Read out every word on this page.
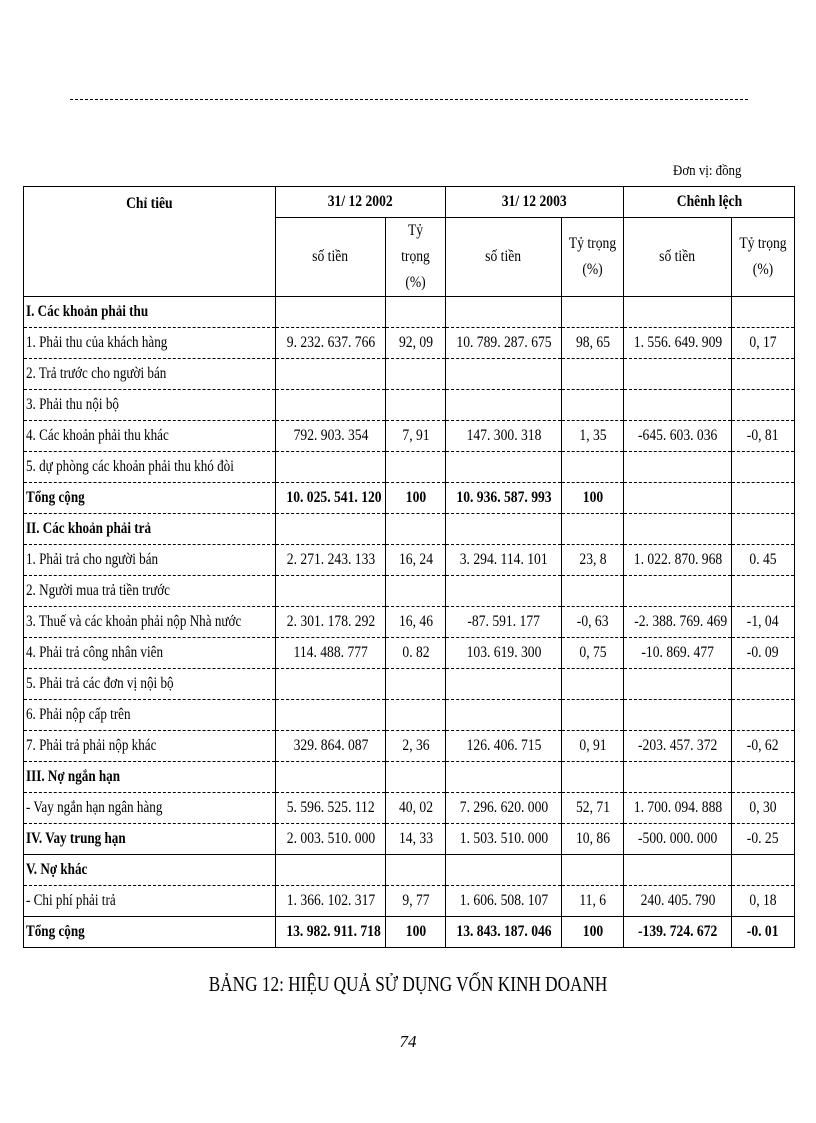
Đơn vị: đồng
Chỉ tiêu	31/ 12 2002		31/ 12 2003		Chênh lệch	
	số tiền	Tỷ trọng (%)	số tiền	Tỷ trọng (%)	số tiền	Tỷ trọng (%)
I. Các khoản phải thu						
1. Phải thu của khách hàng	9. 232. 637. 766	92, 09	10. 789. 287. 675	98, 65	1. 556. 649. 909	0, 17
2. Trả trước cho người bán						
3. Phải thu nội bộ						
4. Các khoản phải thu khác	792. 903. 354	7, 91	147. 300. 318	1, 35	-645. 603. 036	-0, 81
5. dự phòng các khoản phải thu khó đòi						
Tổng cộng	10. 025. 541. 120	100	10. 936. 587. 993	100		
II. Các khoản phải trả						
1. Phải trả cho người bán	2. 271. 243. 133	16, 24	3. 294. 114. 101	23, 8	1. 022. 870. 968	0. 45
2. Người mua trả tiền trước						
3. Thuế và các khoản phải nộp Nhà nước	2. 301. 178. 292	16, 46	-87. 591. 177	-0, 63	-2. 388. 769. 469	-1, 04
4. Phải trả công nhân viên	114. 488. 777	0. 82	103. 619. 300	0, 75	-10. 869. 477	-0. 09
5. Phải trả các đơn vị nội bộ						
6. Phải nộp cấp trên						
7. Phải trả phải nộp khác	329. 864. 087	2, 36	126. 406. 715	0, 91	-203. 457. 372	-0, 62
III. Nợ ngắn hạn						
- Vay ngắn hạn ngân hàng	5. 596. 525. 112	40, 02	7. 296. 620. 000	52, 71	1. 700. 094. 888	0, 30
IV. Vay trung hạn	2. 003. 510. 000	14, 33	1. 503. 510. 000	10, 86	-500. 000. 000	-0. 25
V. Nợ khác						
- Chi phí phải trả	1. 366. 102. 317	9, 77	1. 606. 508. 107	11, 6	240. 405. 790	0, 18
Tổng cộng	13. 982. 911. 718	100	13. 843. 187. 046	100	-139. 724. 672	-0. 01
BẢNG 12: HIỆU QUẢ SỬ DỤNG VỐN KINH DOANH
74
